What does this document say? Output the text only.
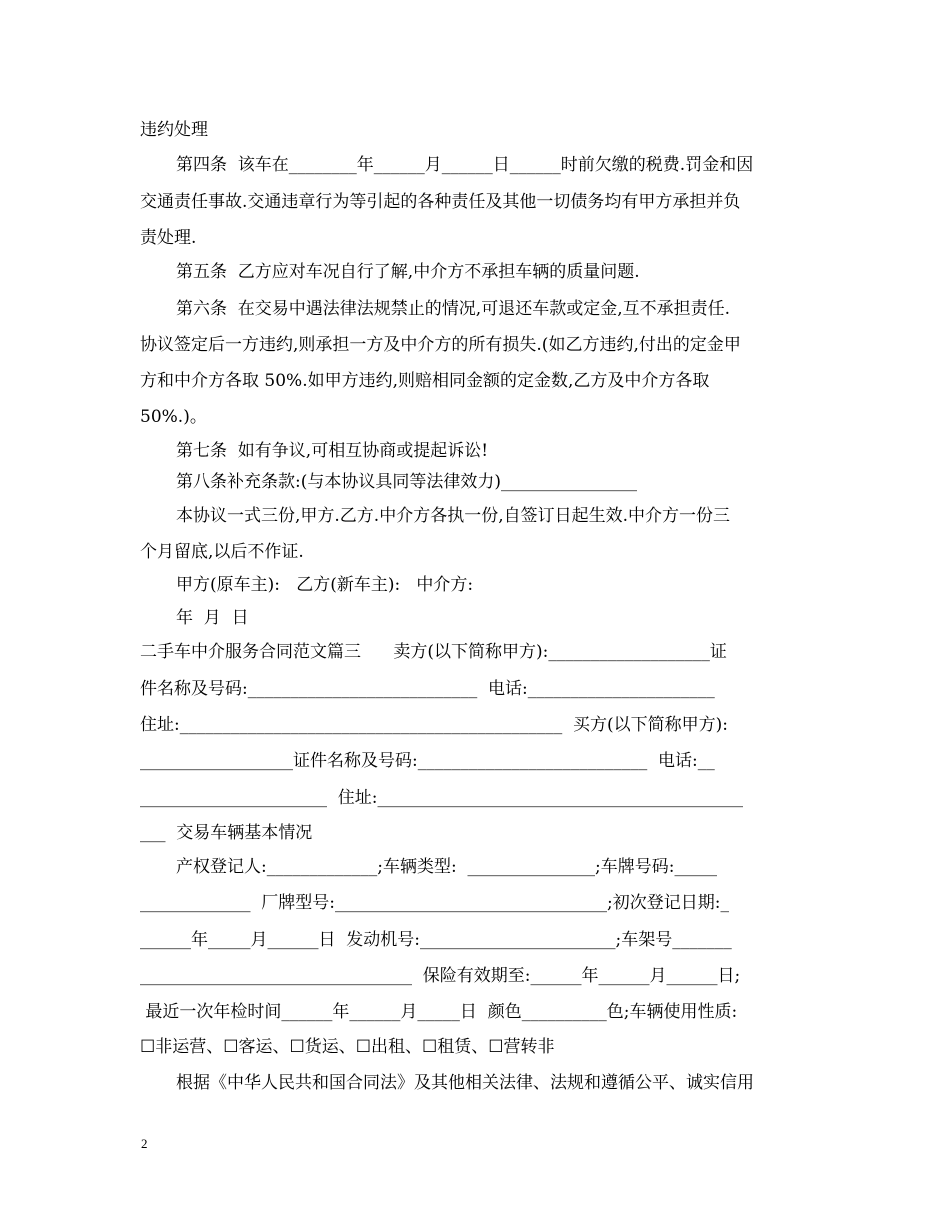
违约处理
第四条  该车在________年______月______日______时前欠缴的税费.罚金和因
交通责任事故.交通违章行为等引起的各种责任及其他一切债务均有甲方承担并负
责处理.
第五条  乙方应对车况自行了解,中介方不承担车辆的质量问题.
第六条  在交易中遇法律法规禁止的情况,可退还车款或定金,互不承担责任.
协议签定后一方违约,则承担一方及中介方的所有损失.(如乙方违约,付出的定金甲
方和中介方各取 50%.如甲方违约,则赔相同金额的定金数,乙方及中介方各取
50%.)。
第七条  如有争议,可相互协商或提起诉讼!
第八条补充条款:(与本协议具同等法律效力)________________
本协议一式三份,甲方.乙方.中介方各执一份,自签订日起生效.中介方一份三
个月留底,以后不作证.
甲方(原车主):   乙方(新车主):   中介方:
年  月  日
二手车中介服务合同范文篇三      卖方(以下简称甲方):___________________证
件名称及号码:___________________________  电话:______________________
住址:_____________________________________________  买方(以下简称甲方):
__________________证件名称及号码:___________________________  电话:__
______________________  住址:___________________________________________
___  交易车辆基本情况
产权登记人:_____________;车辆类型:  _______________;车牌号码:_____
_____________  厂牌型号:________________________________;初次登记日期:_
______年_____月______日  发动机号:_______________________;车架号_______
________________________________  保险有效期至:______年______月______日;
最近一次年检时间______年______月_____日  颜色__________色;车辆使用性质:
☐非运营、☐客运、☐货运、☐出租、☐租赁、☐营转非
根据《中华人民共和国合同法》及其他相关法律、法规和遵循公平、诚实信用
2
